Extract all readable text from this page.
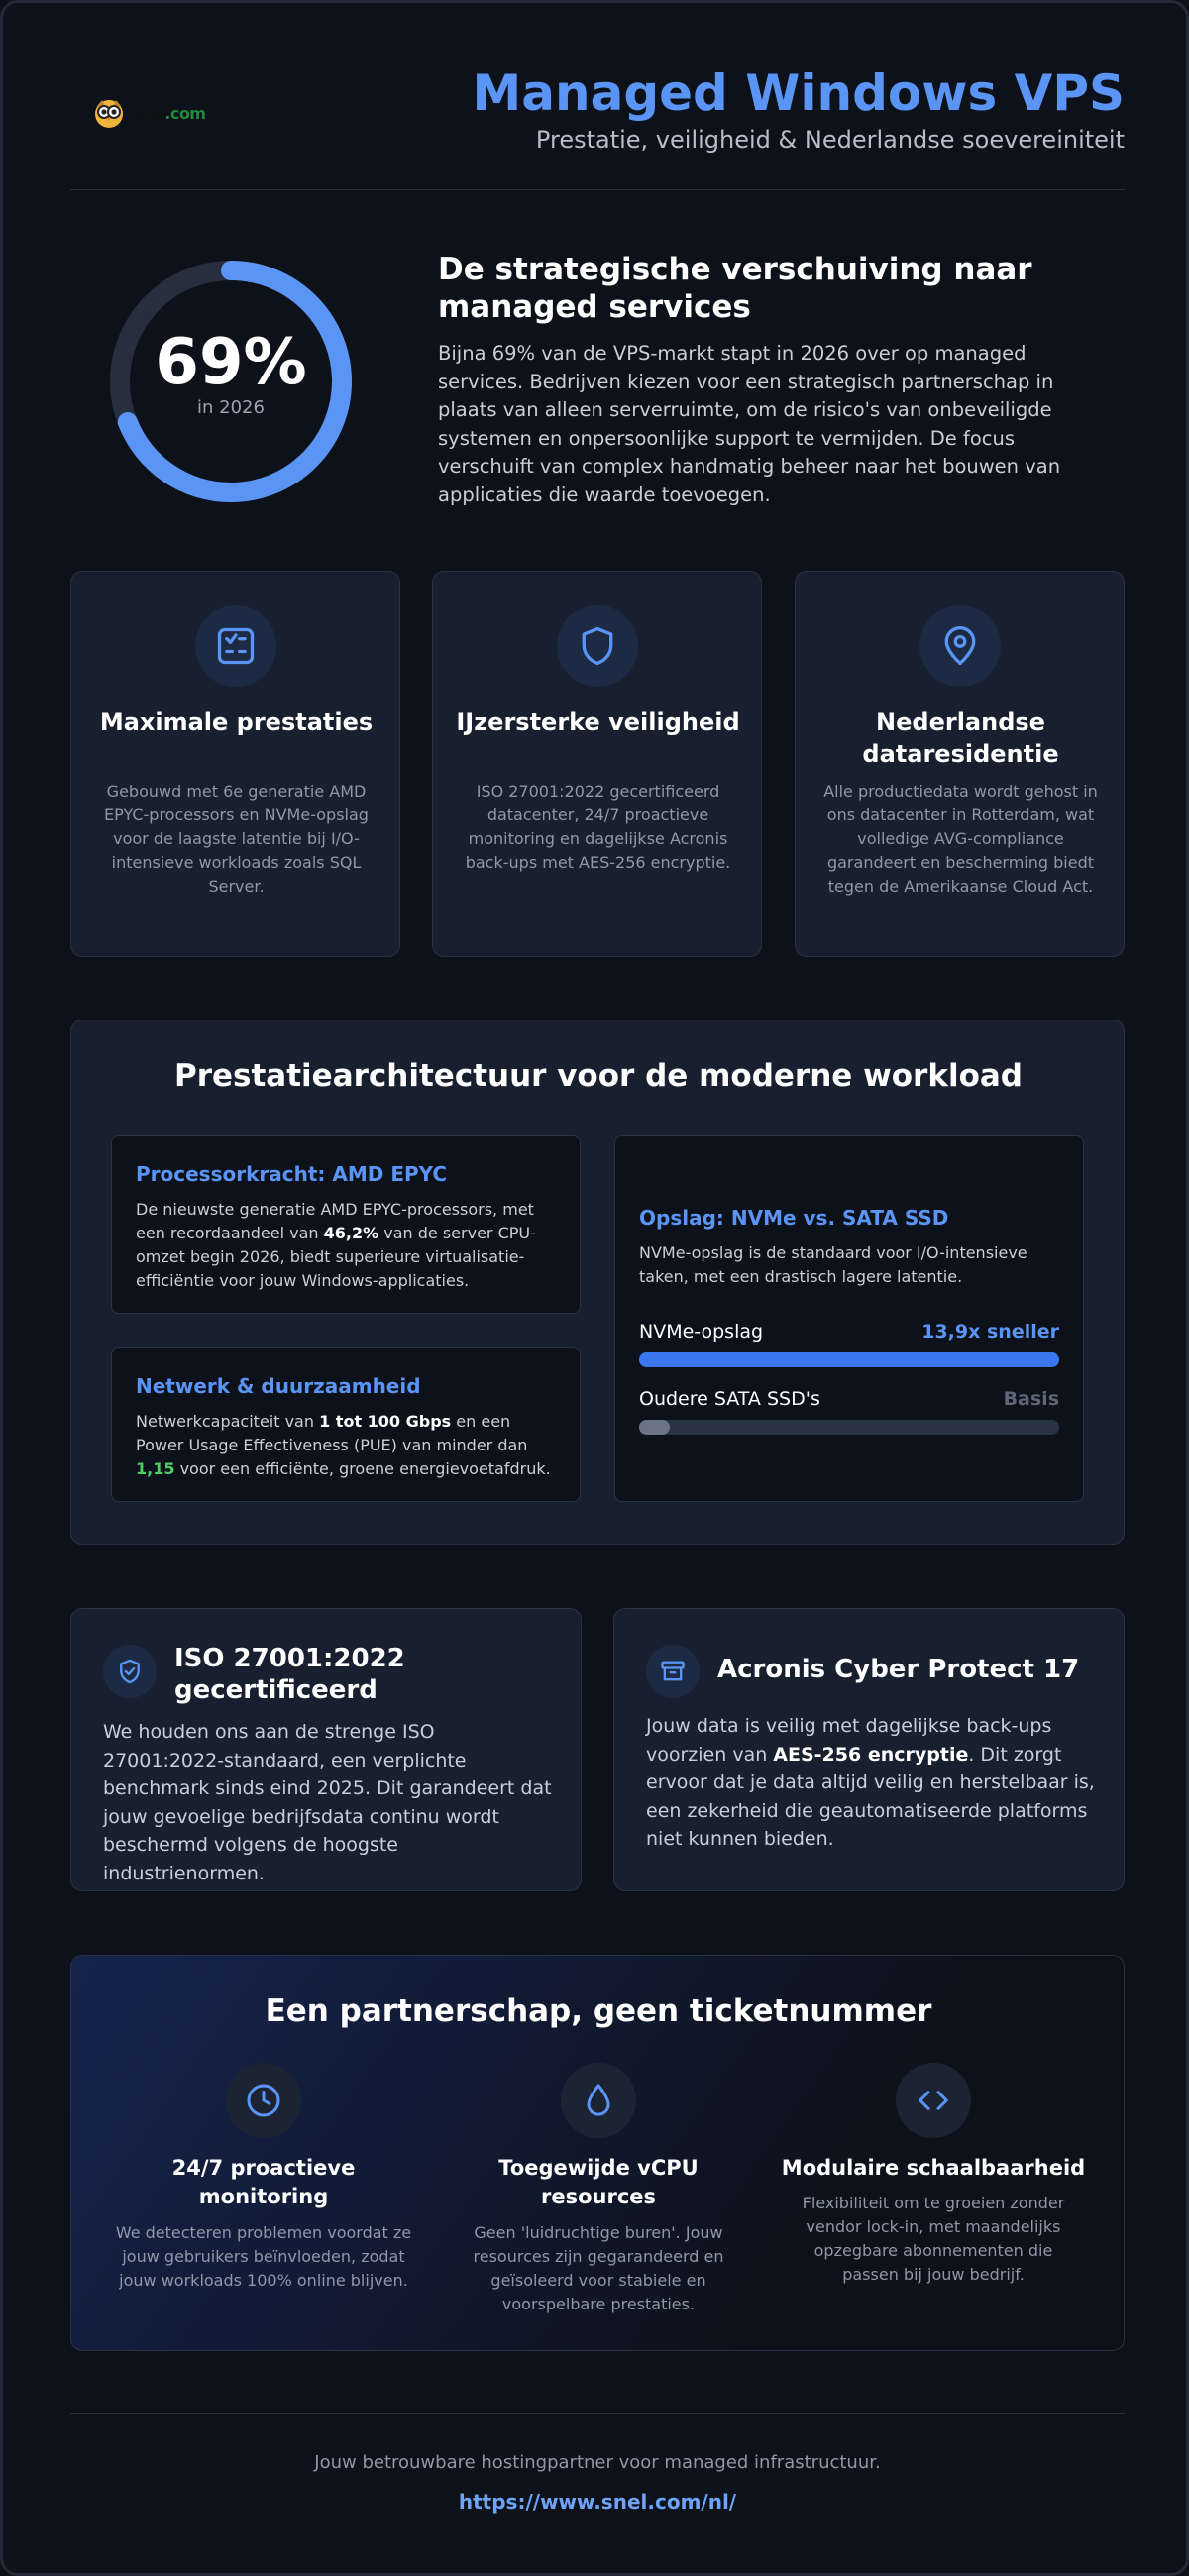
snel.com	Managed Windows VPS
Prestatie, veiligheid & Nederlandse soevereiniteit
69%
in 2026
De strategische verschuiving naar managed services
Bijna 69% van de VPS-markt stapt in 2026 over op managed services. Bedrijven kiezen voor een strategisch partnerschap in plaats van alleen serverruimte, om de risico's van onbeveiligde systemen en onpersoonlijke support te vermijden. De focus verschuift van complex handmatig beheer naar het bouwen van applicaties die waarde toevoegen.
Maximale prestaties
Gebouwd met 6e generatie AMD EPYC-processors en NVMe-opslag voor de laagste latentie bij I/O-intensieve workloads zoals SQL Server.
IJzersterke veiligheid
ISO 27001:2022 gecertificeerd datacenter, 24/7 proactieve monitoring en dagelijkse Acronis back-ups met AES-256 encryptie.
Nederlandse dataresidentie
Alle productiedata wordt gehost in ons datacenter in Rotterdam, wat volledige AVG-compliance garandeert en bescherming biedt tegen de Amerikaanse Cloud Act.
Prestatiearchitectuur voor de moderne workload
Processorkracht: AMD EPYC
De nieuwste generatie AMD EPYC-processors, met een recordaandeel van 46,2% van de server CPU-omzet begin 2026, biedt superieure virtualisatie-efficiëntie voor jouw Windows-applicaties.
Netwerk & duurzaamheid
Netwerkcapaciteit van 1 tot 100 Gbps en een Power Usage Effectiveness (PUE) van minder dan 1,15 voor een efficiënte, groene energievoetafdruk.
Opslag: NVMe vs. SATA SSD
NVMe-opslag is de standaard voor I/O-intensieve taken, met een drastisch lagere latentie.
NVMe-opslag	13,9x sneller
Oudere SATA SSD's	Basis
ISO 27001:2022 gecertificeerd
We houden ons aan de strenge ISO 27001:2022-standaard, een verplichte benchmark sinds eind 2025. Dit garandeert dat jouw gevoelige bedrijfsdata continu wordt beschermd volgens de hoogste industrienormen.
Acronis Cyber Protect 17
Jouw data is veilig met dagelijkse back-ups voorzien van AES-256 encryptie. Dit zorgt ervoor dat je data altijd veilig en herstelbaar is, een zekerheid die geautomatiseerde platforms niet kunnen bieden.
Een partnerschap, geen ticketnummer
24/7 proactieve monitoring
We detecteren problemen voordat ze jouw gebruikers beïnvloeden, zodat jouw workloads 100% online blijven.
Toegewijde vCPU resources
Geen 'luidruchtige buren'. Jouw resources zijn gegarandeerd en geïsoleerd voor stabiele en voorspelbare prestaties.
Modulaire schaalbaarheid
Flexibiliteit om te groeien zonder vendor lock-in, met maandelijks opzegbare abonnementen die passen bij jouw bedrijf.
Jouw betrouwbare hostingpartner voor managed infrastructuur.
https://www.snel.com/nl/
